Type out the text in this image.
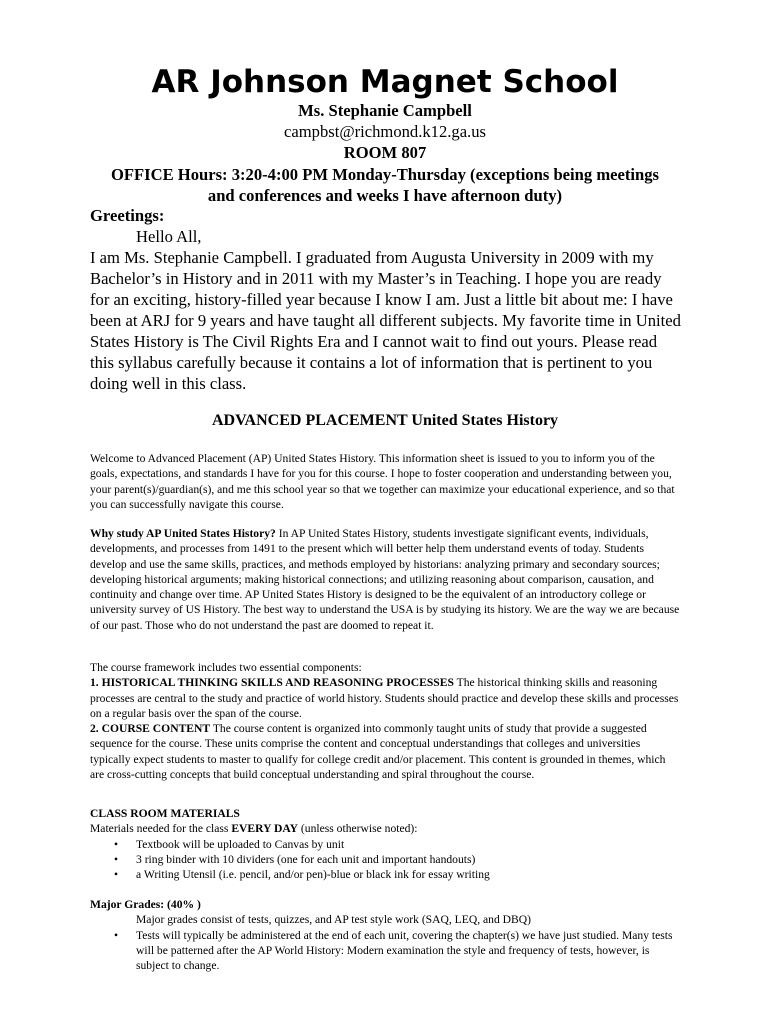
AR Johnson Magnet School
Ms. Stephanie Campbell
campbst@richmond.k12.ga.us
ROOM 807
OFFICE Hours: 3:20-4:00 PM Monday-Thursday (exceptions being meetings
and conferences and weeks I have afternoon duty)
Greetings:
Hello All,
I am Ms. Stephanie Campbell. I graduated from Augusta University in 2009 with my Bachelor’s in History and in 2011 with my Master’s in Teaching. I hope you are ready for an exciting, history-filled year because I know I am. Just a little bit about me: I have been at ARJ for 9 years and have taught all different subjects. My favorite time in United States History is The Civil Rights Era and I cannot wait to find out yours. Please read this syllabus carefully because it contains a lot of information that is pertinent to you doing well in this class.
ADVANCED PLACEMENT United States History
Welcome to Advanced Placement (AP) United States History. This information sheet is issued to you to inform you of the goals, expectations, and standards I have for you for this course. I hope to foster cooperation and understanding between you, your parent(s)/guardian(s), and me this school year so that we together can maximize your educational experience, and so that you can successfully navigate this course.
Why study AP United States History? In AP United States History, students investigate significant events, individuals, developments, and processes from 1491 to the present which will better help them understand events of today. Students develop and use the same skills, practices, and methods employed by historians: analyzing primary and secondary sources; developing historical arguments; making historical connections; and utilizing reasoning about comparison, causation, and continuity and change over time. AP United States History is designed to be the equivalent of an introductory college or university survey of US History. The best way to understand the USA is by studying its history. We are the way we are because of our past. Those who do not understand the past are doomed to repeat it.
The course framework includes two essential components:
1. HISTORICAL THINKING SKILLS AND REASONING PROCESSES The historical thinking skills and reasoning processes are central to the study and practice of world history. Students should practice and develop these skills and processes on a regular basis over the span of the course.
2. COURSE CONTENT The course content is organized into commonly taught units of study that provide a suggested sequence for the course. These units comprise the content and conceptual understandings that colleges and universities typically expect students to master to qualify for college credit and/or placement. This content is grounded in themes, which are cross-cutting concepts that build conceptual understanding and spiral throughout the course.
CLASS ROOM MATERIALS
Materials needed for the class EVERY DAY (unless otherwise noted):
• Textbook will be uploaded to Canvas by unit
• 3 ring binder with 10 dividers (one for each unit and important handouts)
• a Writing Utensil (i.e. pencil, and/or pen)-blue or black ink for essay writing
Major Grades: (40% )
Major grades consist of tests, quizzes, and AP test style work (SAQ, LEQ, and DBQ)
• Tests will typically be administered at the end of each unit, covering the chapter(s) we have just studied. Many tests will be patterned after the AP World History: Modern examination the style and frequency of tests, however, is subject to change.
